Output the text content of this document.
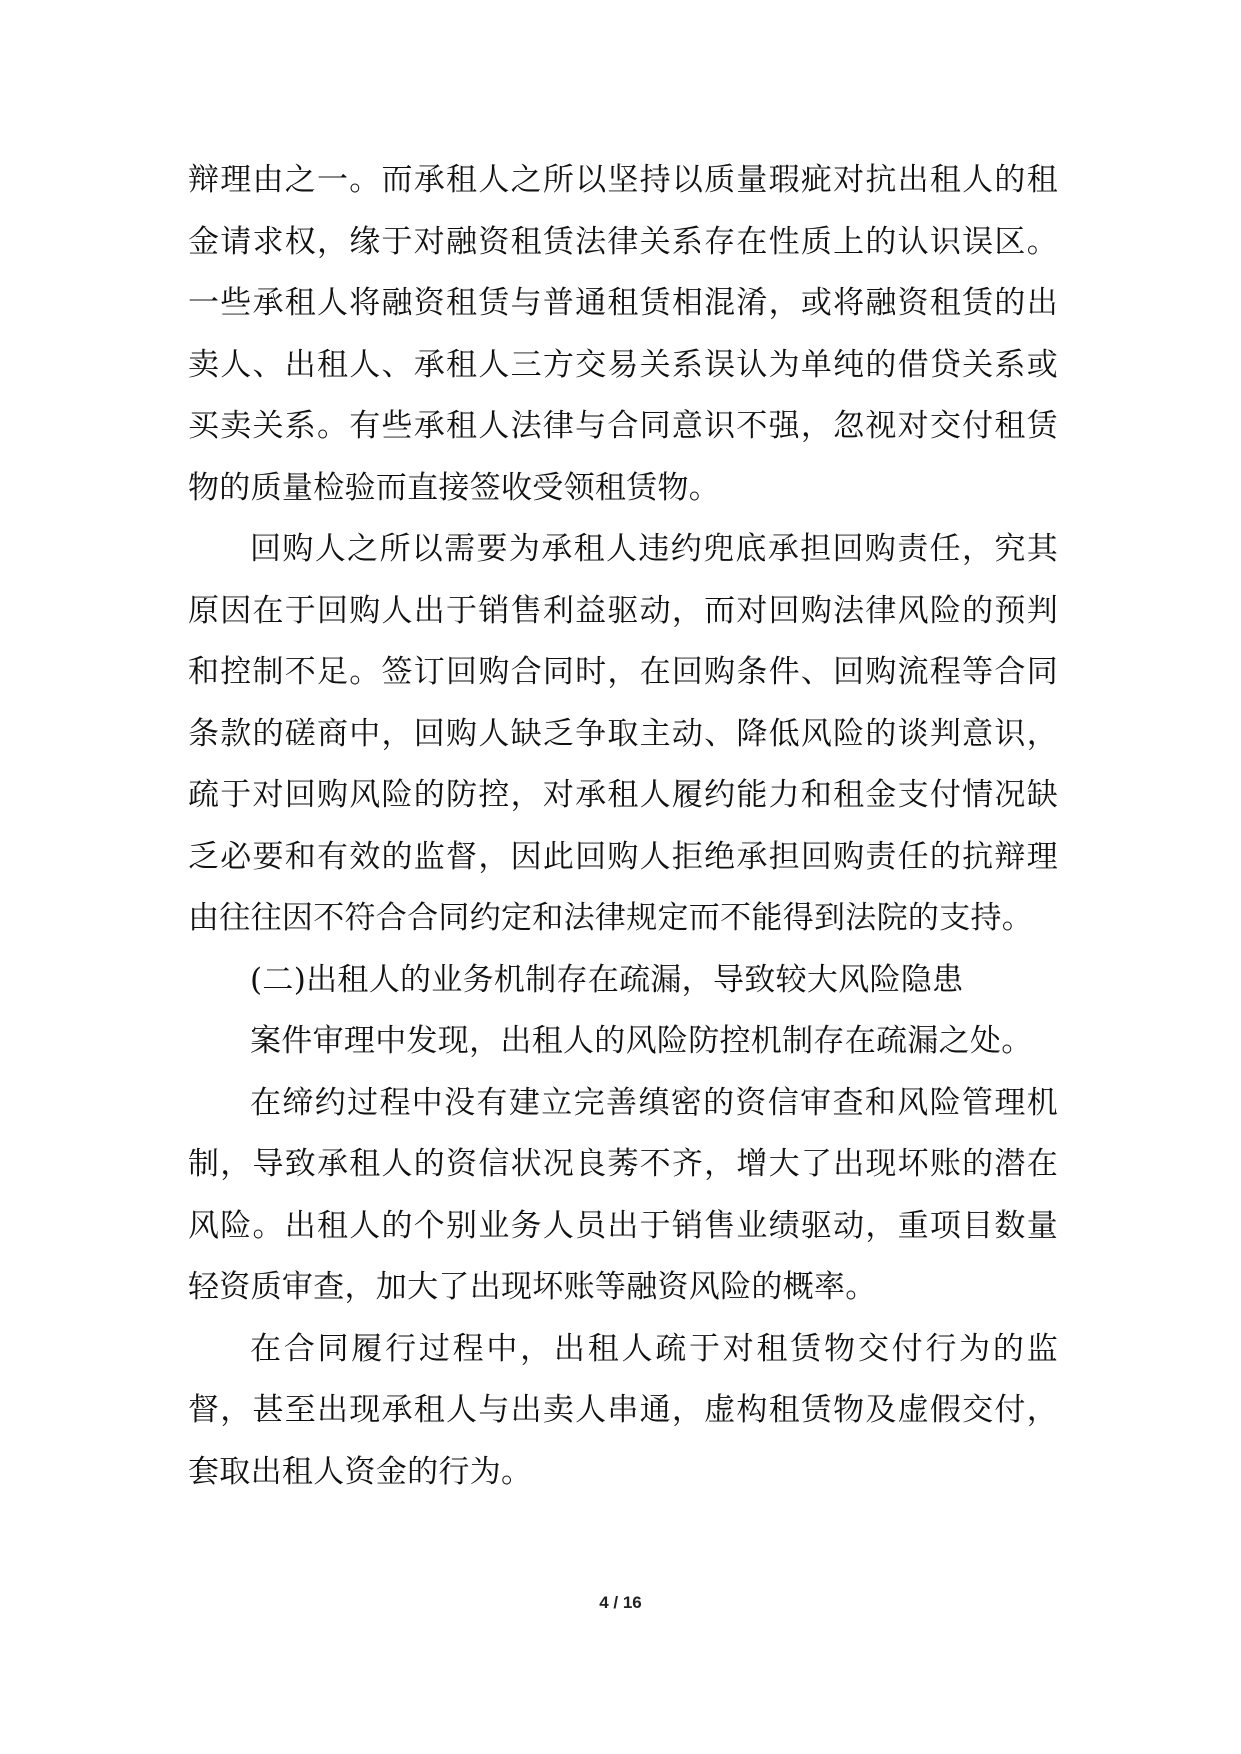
辩理由之一。而承租人之所以坚持以质量瑕疵对抗出租人的租金请求权，缘于对融资租赁法律关系存在性质上的认识误区。一些承租人将融资租赁与普通租赁相混淆，或将融资租赁的出卖人、出租人、承租人三方交易关系误认为单纯的借贷关系或买卖关系。有些承租人法律与合同意识不强，忽视对交付租赁物的质量检验而直接签收受领租赁物。

回购人之所以需要为承租人违约兜底承担回购责任，究其原因在于回购人出于销售利益驱动，而对回购法律风险的预判和控制不足。签订回购合同时，在回购条件、回购流程等合同条款的磋商中，回购人缺乏争取主动、降低风险的谈判意识，疏于对回购风险的防控，对承租人履约能力和租金支付情况缺乏必要和有效的监督，因此回购人拒绝承担回购责任的抗辩理由往往因不符合合同约定和法律规定而不能得到法院的支持。

(二)出租人的业务机制存在疏漏，导致较大风险隐患

案件审理中发现，出租人的风险防控机制存在疏漏之处。

在缔约过程中没有建立完善缜密的资信审查和风险管理机制，导致承租人的资信状况良莠不齐，增大了出现坏账的潜在风险。出租人的个别业务人员出于销售业绩驱动，重项目数量轻资质审查，加大了出现坏账等融资风险的概率。

在合同履行过程中，出租人疏于对租赁物交付行为的监督，甚至出现承租人与出卖人串通，虚构租赁物及虚假交付，套取出租人资金的行为。

4 / 16
